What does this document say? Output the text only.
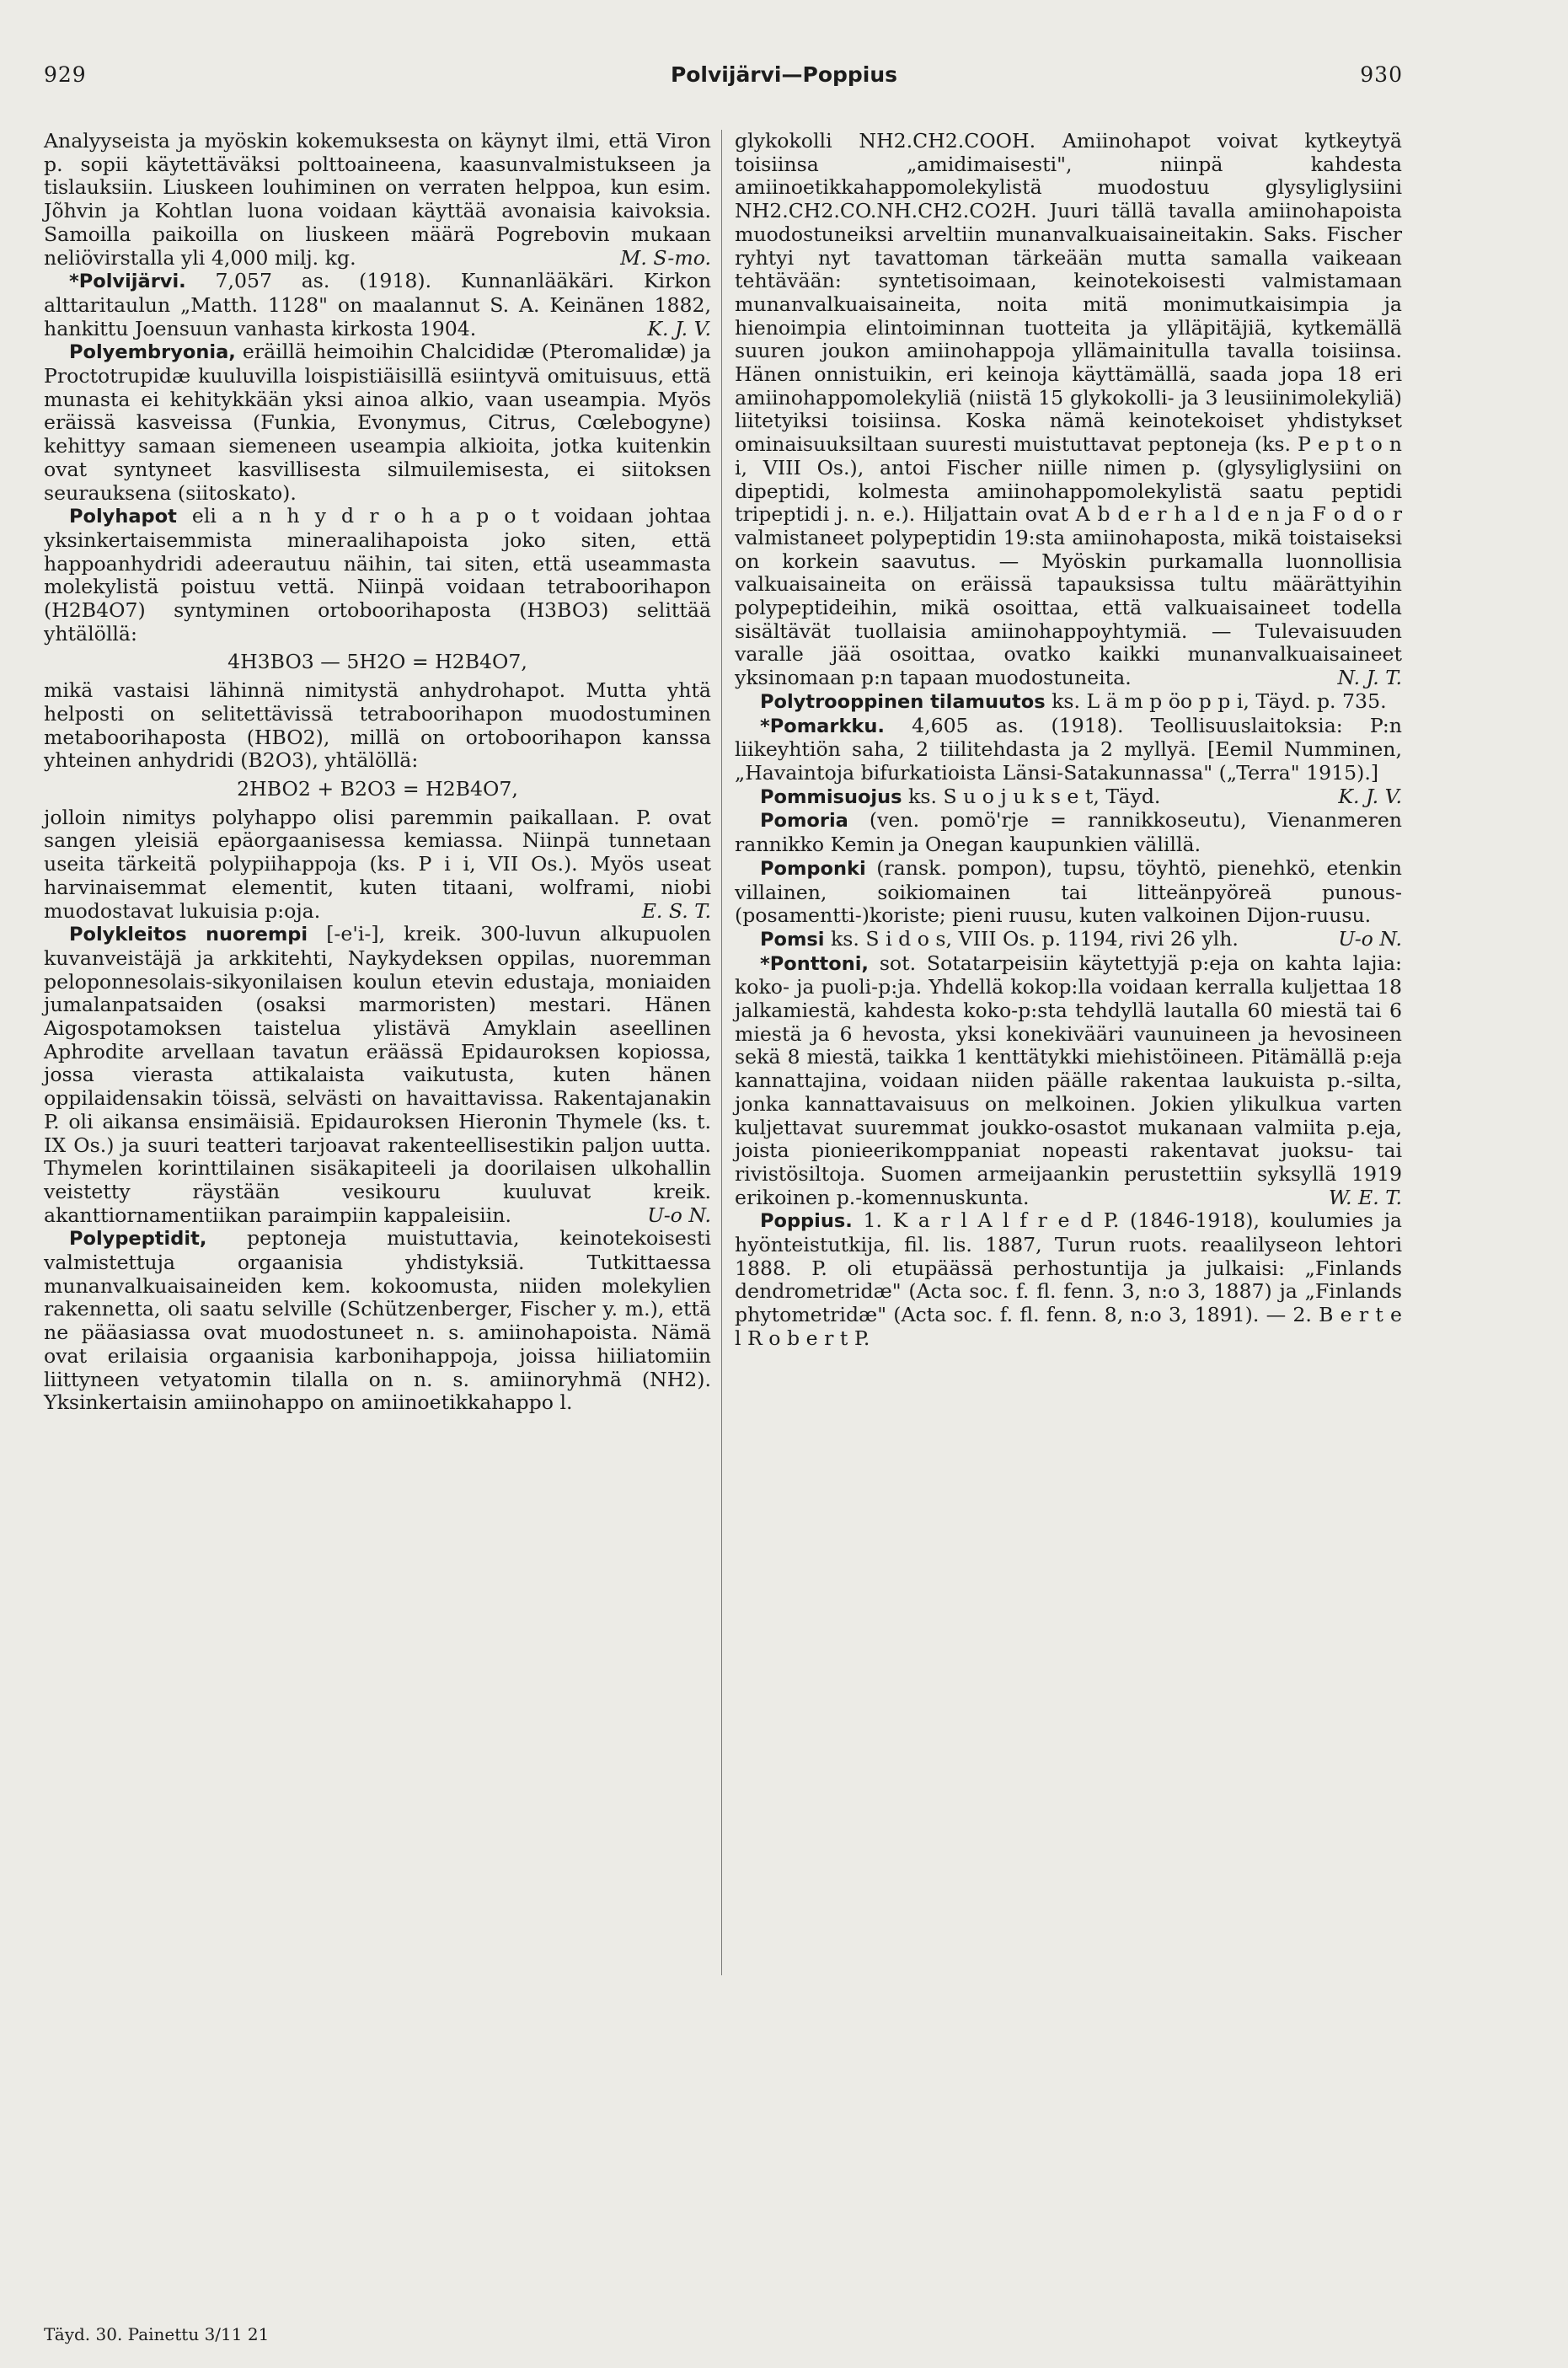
929	Polvijärvi—Poppius	930

Analyyseista ja myöskin kokemuksesta on käynyt ilmi, että Viron p. sopii käytettäväksi polttoaineena, kaasunvalmistukseen ja tislauksiin. Liuskeen louhiminen on verraten helppoa, kun esim. Jõhvin ja Kohtlan luona voidaan käyttää avonaisia kaivoksia. Samoilla paikoilla on liuskeen määrä Pogrebovin mukaan neliövirstalla yli 4,000 milj. kg.	M. S-mo.

*Polvijärvi. 7,057 as. (1918). Kunnanlääkäri. Kirkon alttaritaulun „Matth. 1128" on maalannut S. A. Keinänen 1882, hankittu Joensuun vanhasta kirkosta 1904.	K. J. V.

Polyembryonia, eräillä heimoihin Chalcididæ (Pteromalidæ) ja Proctotrupidæ kuuluvilla loispistiäisillä esiintyvä omituisuus, että munasta ei kehitykkään yksi ainoa alkio, vaan useampia. Myös eräissä kasveissa (Funkia, Evonymus, Citrus, Cœlebogyne) kehittyy samaan siemeneen useampia alkioita, jotka kuitenkin ovat syntyneet kasvillisesta silmuilemisesta, ei siitoksen seurauksena (siitoskato).

Polyhapot eli a n h y d r o h a p o t voidaan johtaa yksinkertaisemmista mineraalihapoista joko siten, että happoanhydridi adeerautuu näihin, tai siten, että useammasta molekylistä poistuu vettä. Niinpä voidaan tetraboorihapon (H2B4O7) syntyminen ortoboorihaposta (H3BO3) selittää yhtälöllä:

4H3BO3 — 5H2O = H2B4O7,

mikä vastaisi lähinnä nimitystä anhydrohapot. Mutta yhtä helposti on selitettävissä tetraboorihapon muodostuminen metaboorihaposta (HBO2), millä on ortoboorihapon kanssa yhteinen anhydridi (B2O3), yhtälöllä:

2HBO2 + B2O3 = H2B4O7,

jolloin nimitys polyhappo olisi paremmin paikallaan. P. ovat sangen yleisiä epäorgaanisessa kemiassa. Niinpä tunnetaan useita tärkeitä polypiihappoja (ks. P i i, VII Os.). Myös useat harvinaisemmat elementit, kuten titaani, wolframi, niobi muodostavat lukuisia p:oja.	E. S. T.

Polykleitos nuorempi [-e'i-], kreik. 300-luvun alkupuolen kuvanveistäjä ja arkkitehti, Naykydeksen oppilas, nuoremman peloponnesolais-sikyonilaisen koulun etevin edustaja, moniaiden jumalanpatsaiden (osaksi marmoristen) mestari. Hänen Aigospotamoksen taistelua ylistävä Amyklain aseellinen Aphrodite arvellaan tavatun eräässä Epidauroksen kopiossa, jossa vierasta attikalaista vaikutusta, kuten hänen oppilaidensakin töissä, selvästi on havaittavissa. Rakentajanakin P. oli aikansa ensimäisiä. Epidauroksen Hieronin Thymele (ks. t. IX Os.) ja suuri teatteri tarjoavat rakenteellisestikin paljon uutta. Thymelen korinttilainen sisäkapiteeli ja doorilaisen ulkohallin veistetty räystään vesikouru kuuluvat kreik. akanttiornamentiikan paraimpiin kappaleisiin.	U-o N.

Polypeptidit, peptoneja muistuttavia, keinotekoisesti valmistettuja orgaanisia yhdistyksiä. Tutkittaessa munanvalkuaisaineiden kem. kokoomusta, niiden molekylien rakennetta, oli saatu selville (Schützenberger, Fischer y. m.), että ne pääasiassa ovat muodostuneet n. s. amiinohapoista. Nämä ovat erilaisia orgaanisia karbonihappoja, joissa hiiliatomiin liittyneen vetyatomin tilalla on n. s. amiinoryhmä (NH2). Yksinkertaisin amiinohappo on amiinoetikkahappo l.

glykokolli NH2.CH2.COOH. Amiinohapot voivat kytkeytyä toisiinsa „amidimaisesti", niinpä kahdesta amiinoetikkahappomolekylistä muodostuu glysyliglysiini NH2.CH2.CO.NH.CH2.CO2H. Juuri tällä tavalla amiinohapoista muodostuneiksi arveltiin munanvalkuaisaineitakin. Saks. Fischer ryhtyi nyt tavattoman tärkeään mutta samalla vaikeaan tehtävään: syntetisoimaan, keinotekoisesti valmistamaan munanvalkuaisaineita, noita mitä monimutkaisimpia ja hienoimpia elintoiminnan tuotteita ja ylläpitäjiä, kytkemällä suuren joukon amiinohappoja yllämainitulla tavalla toisiinsa. Hänen onnistuikin, eri keinoja käyttämällä, saada jopa 18 eri amiinohappomolekyliä (niistä 15 glykokolli- ja 3 leusiinimolekyliä) liitetyiksi toisiinsa. Koska nämä keinotekoiset yhdistykset ominaisuuksiltaan suuresti muistuttavat peptoneja (ks. P e p t o n i, VIII Os.), antoi Fischer niille nimen p. (glysyliglysiini on dipeptidi, kolmesta amiinohappomolekylistä saatu peptidi tripeptidi j. n. e.). Hiljattain ovat A b d e r h a l d e n ja F o d o r valmistaneet polypeptidin 19:sta amiinohaposta, mikä toistaiseksi on korkein saavutus. — Myöskin purkamalla luonnollisia valkuaisaineita on eräissä tapauksissa tultu määrättyihin polypeptideihin, mikä osoittaa, että valkuaisaineet todella sisältävät tuollaisia amiinohappoyhtymiä. — Tulevaisuuden varalle jää osoittaa, ovatko kaikki munanvalkuaisaineet yksinomaan p:n tapaan muodostuneita.	N. J. T.

Polytrooppinen tilamuutos ks. L ä m p öo p p i, Täyd. p. 735.

*Pomarkku. 4,605 as. (1918). Teollisuuslaitoksia: P:n liikeyhtiön saha, 2 tiilitehdasta ja 2 myllyä. [Eemil Numminen, „Havaintoja bifurkatioista Länsi-Satakunnassa" („Terra" 1915).]
K. J. V.

Pommisuojus ks. S u o j u k s e t, Täyd.

Pomoria (ven. pomö'rje = rannikkoseutu), Vienanmeren rannikko Kemin ja Onegan kaupunkien välillä.

Pomponki (ransk. pompon), tupsu, töyhtö, pienehkö, etenkin villainen, soikiomainen tai litteänpyöreä punous-(posamentti-)koriste; pieni ruusu, kuten valkoinen Dijon-ruusu.
U-o N.

Pomsi ks. S i d o s, VIII Os. p. 1194, rivi 26 ylh.

*Ponttoni, sot. Sotatarpeisiin käytettyjä p:eja on kahta lajia: koko- ja puoli-p:ja. Yhdellä kokop:lla voidaan kerralla kuljettaa 18 jalkamiestä, kahdesta koko-p:sta tehdyllä lautalla 60 miestä tai 6 miestä ja 6 hevosta, yksi konekivääri vaunuineen ja hevosineen sekä 8 miestä, taikka 1 kenttätykki miehistöineen. Pitämällä p:eja kannattajina, voidaan niiden päälle rakentaa laukuista p.-silta, jonka kannattavaisuus on melkoinen. Jokien ylikulkua varten kuljettavat suuremmat joukko-osastot mukanaan valmiita p.eja, joista pionieerikomppaniat nopeasti rakentavat juoksu- tai rivistösiltoja. Suomen armeijaankin perustettiin syksyllä 1919 erikoinen p.-komennuskunta.	W. E. T.

Poppius. 1. K a r l A l f r e d P. (1846-1918), koulumies ja hyönteistutkija, fil. lis. 1887, Turun ruots. reaalilyseon lehtori 1888. P. oli etupäässä perhostuntija ja julkaisi: „Finlands dendrometridæ" (Acta soc. f. fl. fenn. 3, n:o 3, 1887) ja „Finlands phytometridæ" (Acta soc. f. fl. fenn. 8, n:o 3, 1891). — 2. B e r t e l R o b e r t P.

Täyd. 30. Painettu 3/11 21
